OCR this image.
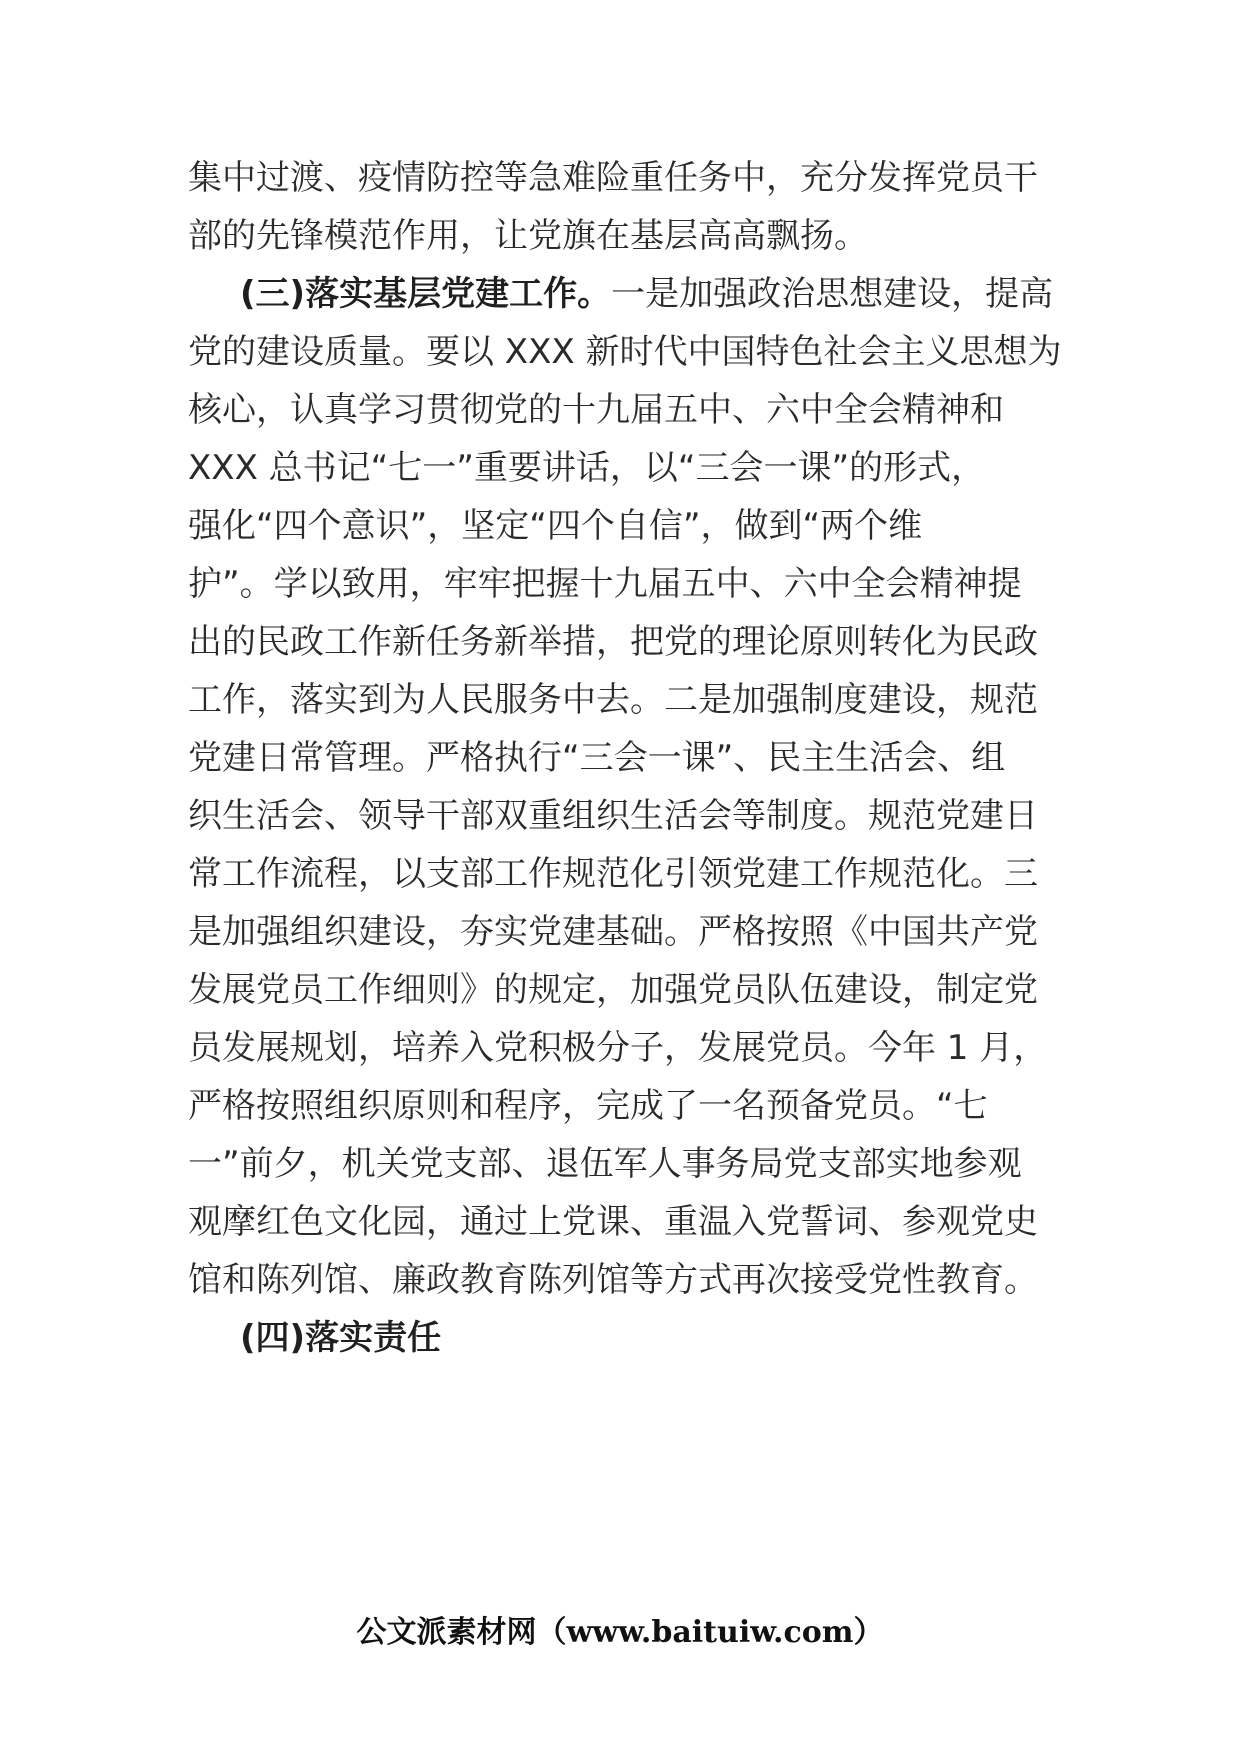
集中过渡、疫情防控等急难险重任务中，充分发挥党员干
部的先锋模范作用，让党旗在基层高高飘扬。
(三)落实基层党建工作。一是加强政治思想建设，提高
党的建设质量。要以 XXX 新时代中国特色社会主义思想为
核心，认真学习贯彻党的十九届五中、六中全会精神和
XXX 总书记“七一”重要讲话，以“三会一课”的形式，
强化“四个意识”，坚定“四个自信”，做到“两个维
护”。学以致用，牢牢把握十九届五中、六中全会精神提
出的民政工作新任务新举措，把党的理论原则转化为民政
工作，落实到为人民服务中去。二是加强制度建设，规范
党建日常管理。严格执行“三会一课”、民主生活会、组
织生活会、领导干部双重组织生活会等制度。规范党建日
常工作流程，以支部工作规范化引领党建工作规范化。三
是加强组织建设，夯实党建基础。严格按照《中国共产党
发展党员工作细则》的规定，加强党员队伍建设，制定党
员发展规划，培养入党积极分子，发展党员。今年 1 月，
严格按照组织原则和程序，完成了一名预备党员。“七
一”前夕，机关党支部、退伍军人事务局党支部实地参观
观摩红色文化园，通过上党课、重温入党誓词、参观党史
馆和陈列馆、廉政教育陈列馆等方式再次接受党性教育。
(四)落实责任
公文派素材网（www.baituiw.com）
